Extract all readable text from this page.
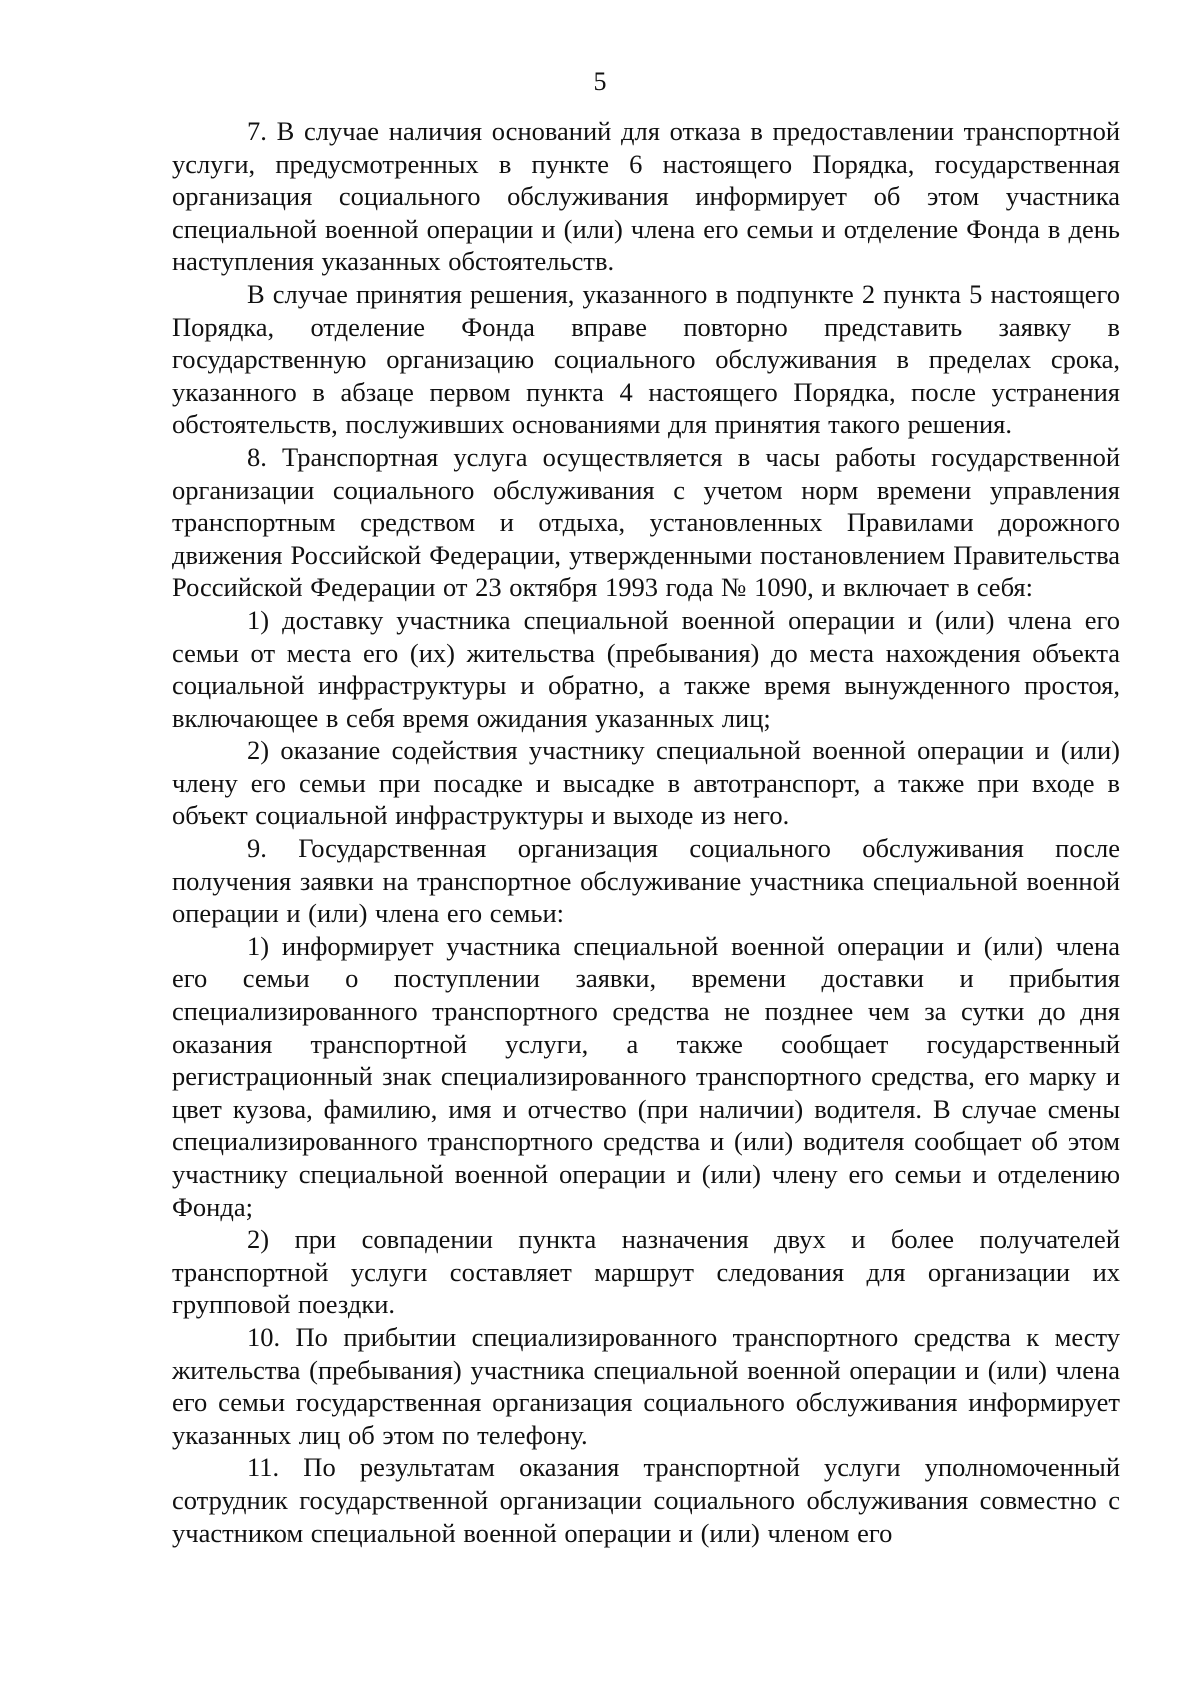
5

7. В случае наличия оснований для отказа в предоставлении транспортной услуги, предусмотренных в пункте 6 настоящего Порядка, государственная организация социального обслуживания информирует об этом участника специальной военной операции и (или) члена его семьи и отделение Фонда в день наступления указанных обстоятельств.

В случае принятия решения, указанного в подпункте 2 пункта 5 настоящего Порядка, отделение Фонда вправе повторно представить заявку в государственную организацию социального обслуживания в пределах срока, указанного в абзаце первом пункта 4 настоящего Порядка, после устранения обстоятельств, послуживших основаниями для принятия такого решения.

8. Транспортная услуга осуществляется в часы работы государственной организации социального обслуживания с учетом норм времени управления транспортным средством и отдыха, установленных Правилами дорожного движения Российской Федерации, утвержденными постановлением Правительства Российской Федерации от 23 октября 1993 года № 1090, и включает в себя:

1) доставку участника специальной военной операции и (или) члена его семьи от места его (их) жительства (пребывания) до места нахождения объекта социальной инфраструктуры и обратно, а также время вынужденного простоя, включающее в себя время ожидания указанных лиц;

2) оказание содействия участнику специальной военной операции и (или) члену его семьи при посадке и высадке в автотранспорт, а также при входе в объект социальной инфраструктуры и выходе из него.

9. Государственная организация социального обслуживания после получения заявки на транспортное обслуживание участника специальной военной операции и (или) члена его семьи:

1) информирует участника специальной военной операции и (или) члена его семьи о поступлении заявки, времени доставки и прибытия специализированного транспортного средства не позднее чем за сутки до дня оказания транспортной услуги, а также сообщает государственный регистрационный знак специализированного транспортного средства, его марку и цвет кузова, фамилию, имя и отчество (при наличии) водителя. В случае смены специализированного транспортного средства и (или) водителя сообщает об этом участнику специальной военной операции и (или) члену его семьи и отделению Фонда;

2) при совпадении пункта назначения двух и более получателей транспортной услуги составляет маршрут следования для организации их групповой поездки.

10. По прибытии специализированного транспортного средства к месту жительства (пребывания) участника специальной военной операции и (или) члена его семьи государственная организация социального обслуживания информирует указанных лиц об этом по телефону.

11. По результатам оказания транспортной услуги уполномоченный сотрудник государственной организации социального обслуживания совместно с участником специальной военной операции и (или) членом его
